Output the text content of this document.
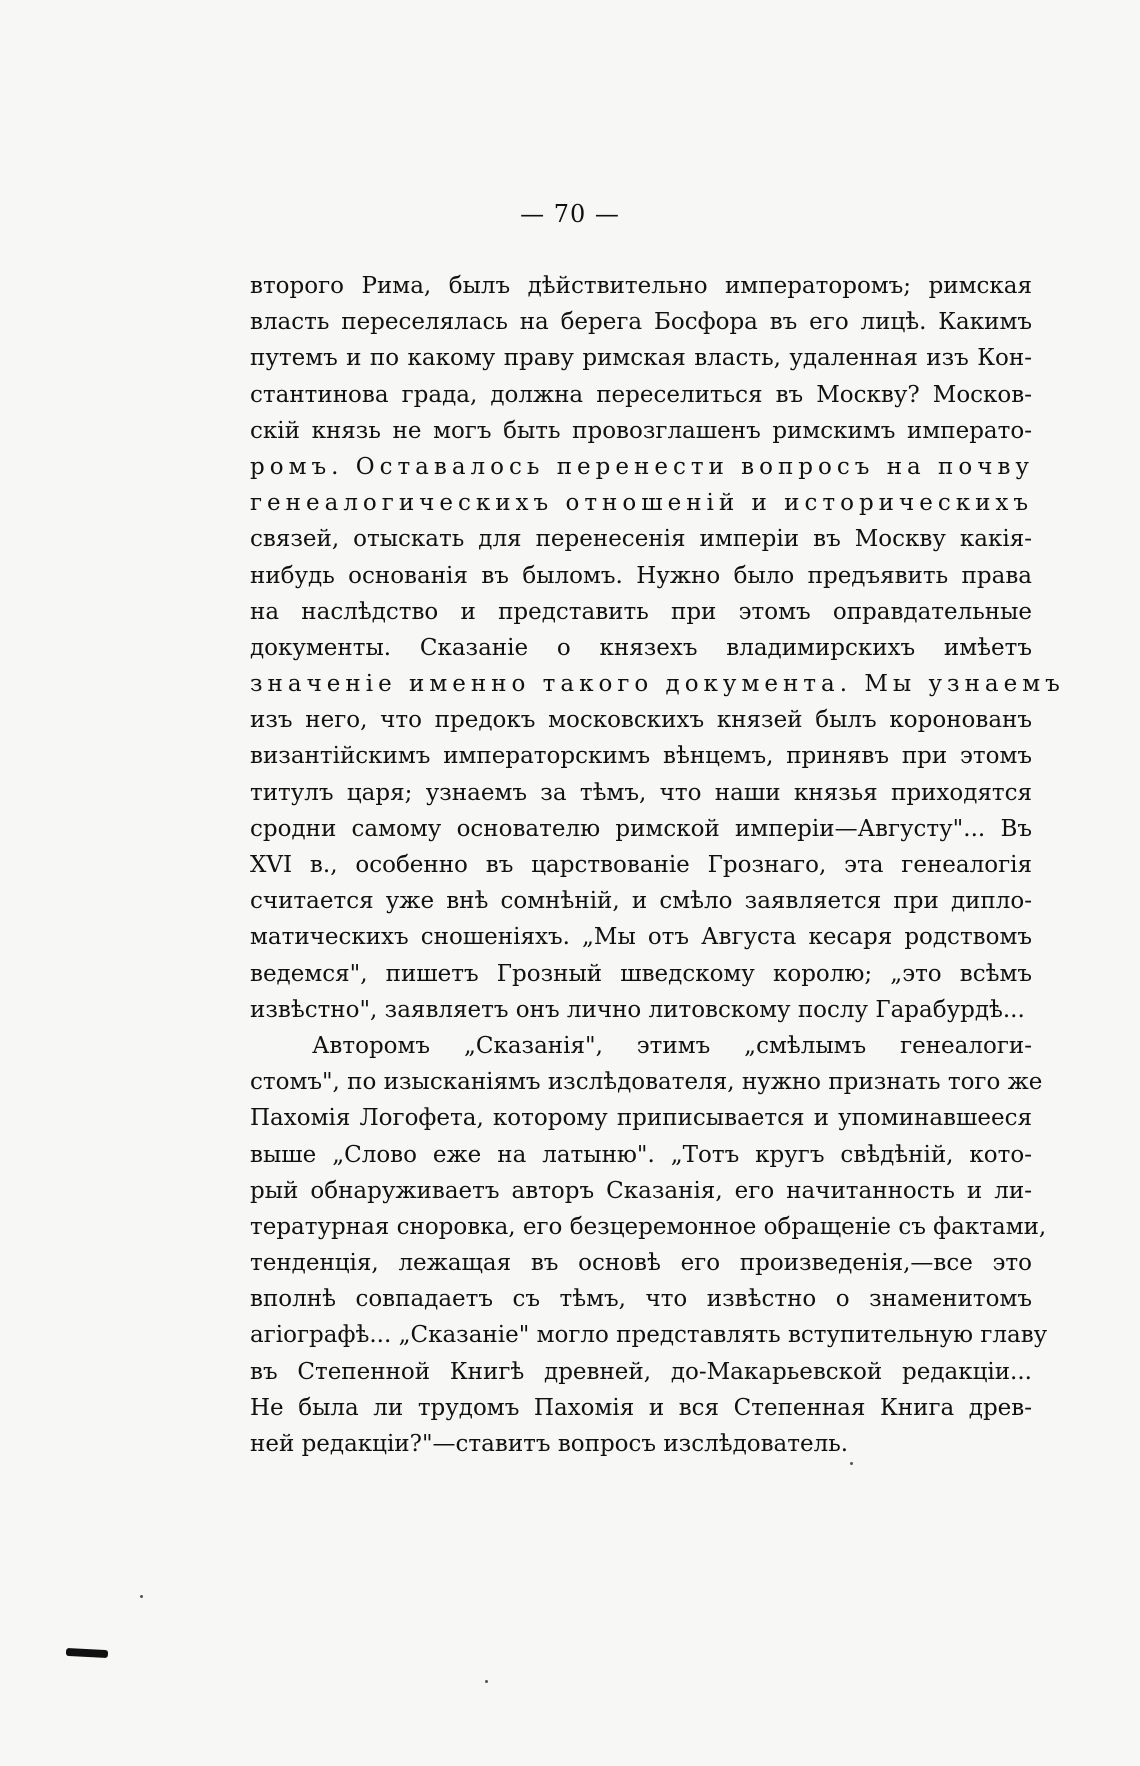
— 70 —
второго Рима, былъ дѣйствительно императоромъ; римская
власть переселялась на берега Босфора въ его лицѣ. Какимъ
путемъ и по какому праву римская власть, удаленная изъ Кон-
стантинова града, должна переселиться въ Москву? Москов-
скій князь не могъ быть провозглашенъ римскимъ императо-
ромъ. Оставалось перенести вопросъ на почву
генеалогическихъ отношеній и историческихъ
связей, отыскать для перенесенія имперіи въ Москву какія-
нибудь основанія въ быломъ. Нужно было предъявить права
на наслѣдство и представить при этомъ оправдательные
документы. Сказаніе о князехъ владимирскихъ имѣетъ
значеніе именно такого документа. Мы узнаемъ
изъ него, что предокъ московскихъ князей былъ коронованъ
византійскимъ императорскимъ вѣнцемъ, принявъ при этомъ
титулъ царя; узнаемъ за тѣмъ, что наши князья приходятся
сродни самому основателю римской имперіи—Августу"... Въ
XVI в., особенно въ царствованіе Грознаго, эта генеалогія
считается уже внѣ сомнѣній, и смѣло заявляется при дипло-
матическихъ сношеніяхъ. „Мы отъ Августа кесаря родствомъ
ведемся", пишетъ Грозный шведскому королю; „это всѣмъ
извѣстно", заявляетъ онъ лично литовскому послу Гарабурдѣ...
Авторомъ „Сказанія", этимъ „смѣлымъ генеалоги-
стомъ", по изысканіямъ изслѣдователя, нужно признать того же
Пахомія Логофета, которому приписывается и упоминавшееся
выше „Слово еже на латыню". „Тотъ кругъ свѣдѣній, кото-
рый обнаруживаетъ авторъ Сказанія, его начитанность и ли-
тературная сноровка, его безцеремонное обращеніе съ фактами,
тенденція, лежащая въ основѣ его произведенія,—все это
вполнѣ совпадаетъ съ тѣмъ, что извѣстно о знаменитомъ
агіографѣ... „Сказаніе" могло представлять вступительную главу
въ Степенной Книгѣ древней, до-Макарьевской редакціи...
Не была ли трудомъ Пахомія и вся Степенная Книга древ-
ней редакціи?"—ставитъ вопросъ изслѣдователь.
